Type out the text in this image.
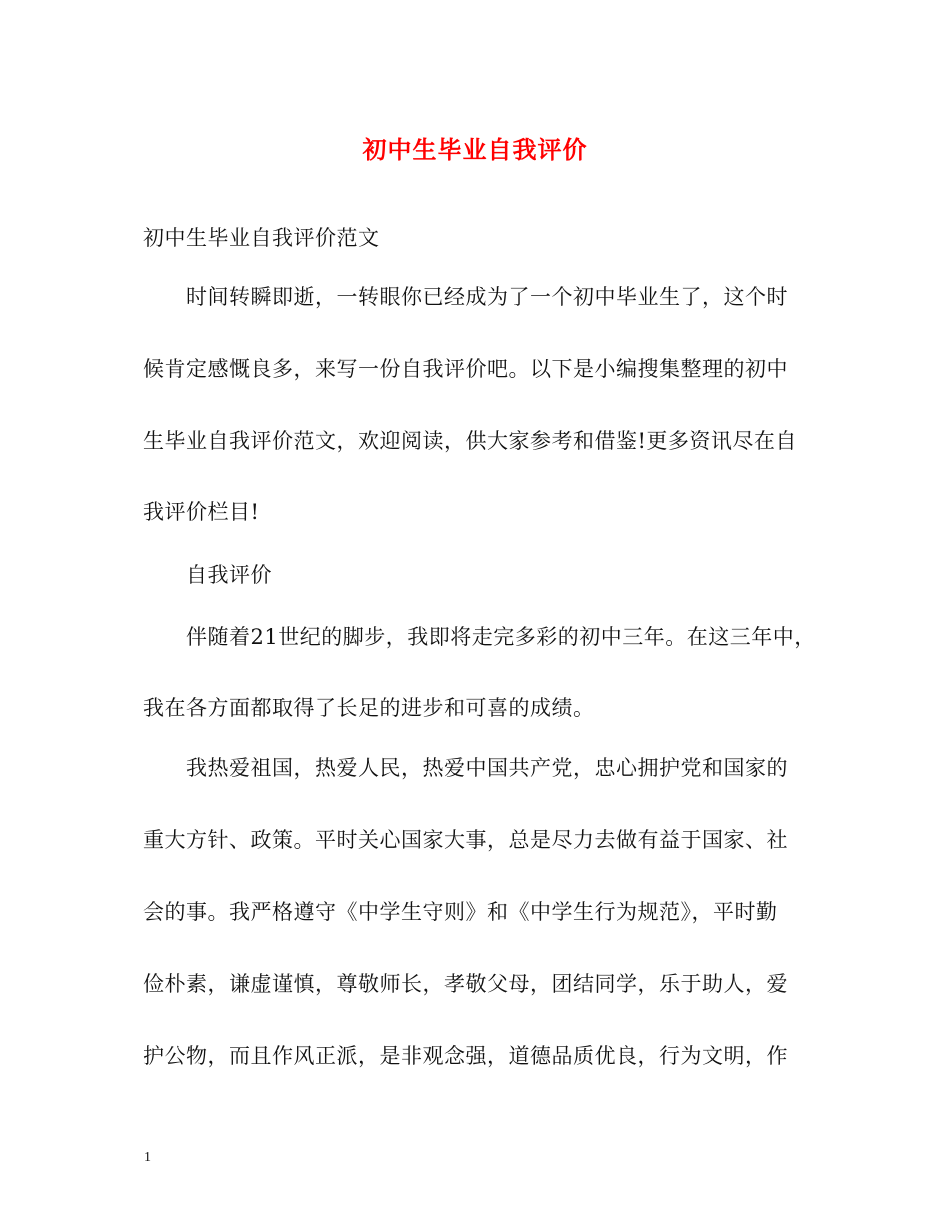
初中生毕业自我评价
初中生毕业自我评价范文
时间转瞬即逝，一转眼你已经成为了一个初中毕业生了，这个时
候肯定感慨良多，来写一份自我评价吧。以下是小编搜集整理的初中
生毕业自我评价范文，欢迎阅读，供大家参考和借鉴!更多资讯尽在自
我评价栏目!
自我评价
伴随着21世纪的脚步，我即将走完多彩的初中三年。在这三年中，
我在各方面都取得了长足的进步和可喜的成绩。
我热爱祖国，热爱人民，热爱中国共产党，忠心拥护党和国家的
重大方针、政策。平时关心国家大事，总是尽力去做有益于国家、社
会的事。我严格遵守《中学生守则》和《中学生行为规范》，平时勤
俭朴素，谦虚谨慎，尊敬师长，孝敬父母，团结同学，乐于助人，爱
护公物，而且作风正派，是非观念强，道德品质优良，行为文明，作
1
